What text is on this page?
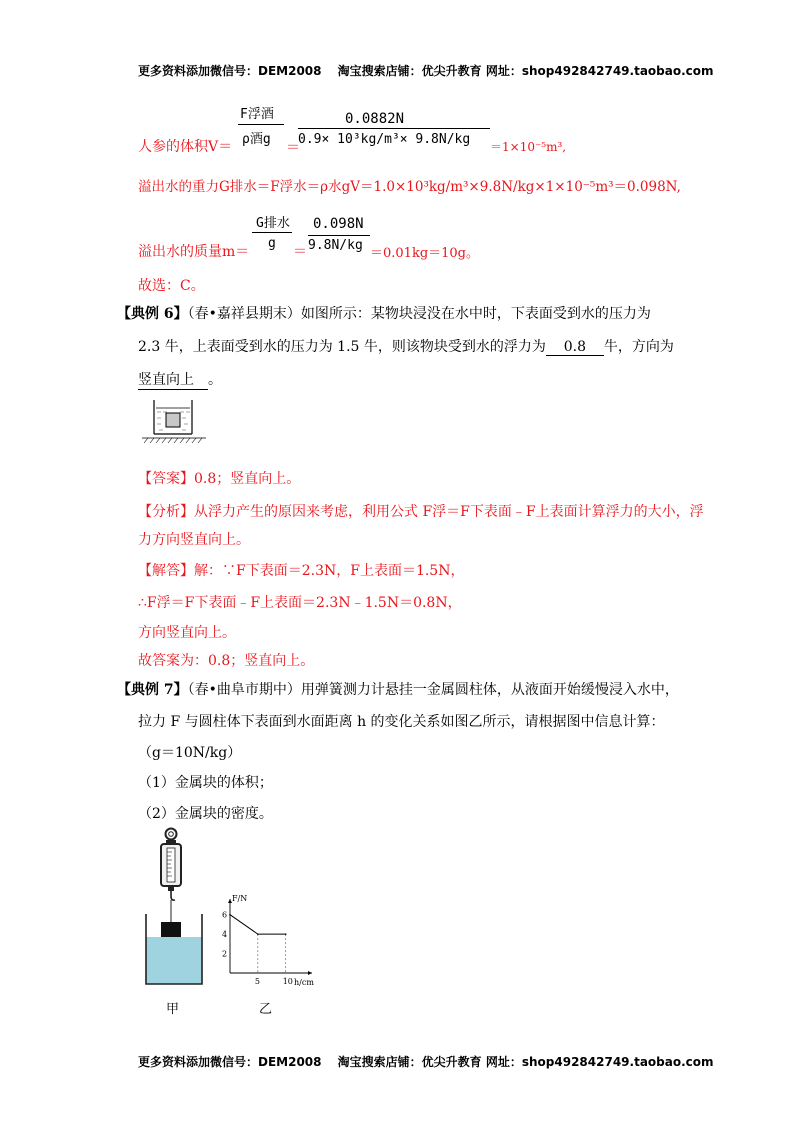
更多资料添加微信号：DEM2008　 淘宝搜索店铺：优尖升教育 网址：shop492842749.taobao.com
F浮酒
ρ酒g
人参的体积V＝	＝
0.0882N
0.9× 10³kg/m³× 9.8N/kg ＝1×10⁻⁵m³,
溢出水的重力G排水＝F浮水＝ρ水gV＝1.0×10³kg/m³×9.8N/kg×1×10⁻⁵m³＝0.098N,
G排水
g
溢出水的质量m＝	＝
0.098N
9.8N/kg
＝0.01kg＝10g。
故选：C。
【典例 6】（春•嘉祥县期末）如图所示：某物块浸没在水中时，下表面受到水的压力为
2.3 牛，上表面受到水的压力为 1.5 牛，则该物块受到水的浮力为 0.8 牛，方向为
竖直向上 。
【答案】0.8；竖直向上。
【分析】从浮力产生的原因来考虑，利用公式 F浮＝F下表面﹣F上表面计算浮力的大小，浮
力方向竖直向上。
【解答】解：∵F下表面＝2.3N，F上表面＝1.5N，
∴F浮＝F下表面﹣F上表面＝2.3N﹣1.5N＝0.8N，
方向竖直向上。
故答案为：0.8；竖直向上。
【典例 7】（春•曲阜市期中）用弹簧测力计悬挂一金属圆柱体，从液面开始缓慢浸入水中，
拉力 F 与圆柱体下表面到水面距离 h 的变化关系如图乙所示，请根据图中信息计算：
（g＝10N/kg）
（1）金属块的体积；
（2）金属块的密度。
甲
F/N
h/cm
2
4
6
5	10
乙
更多资料添加微信号：DEM2008　 淘宝搜索店铺：优尖升教育 网址：shop492842749.taobao.com
